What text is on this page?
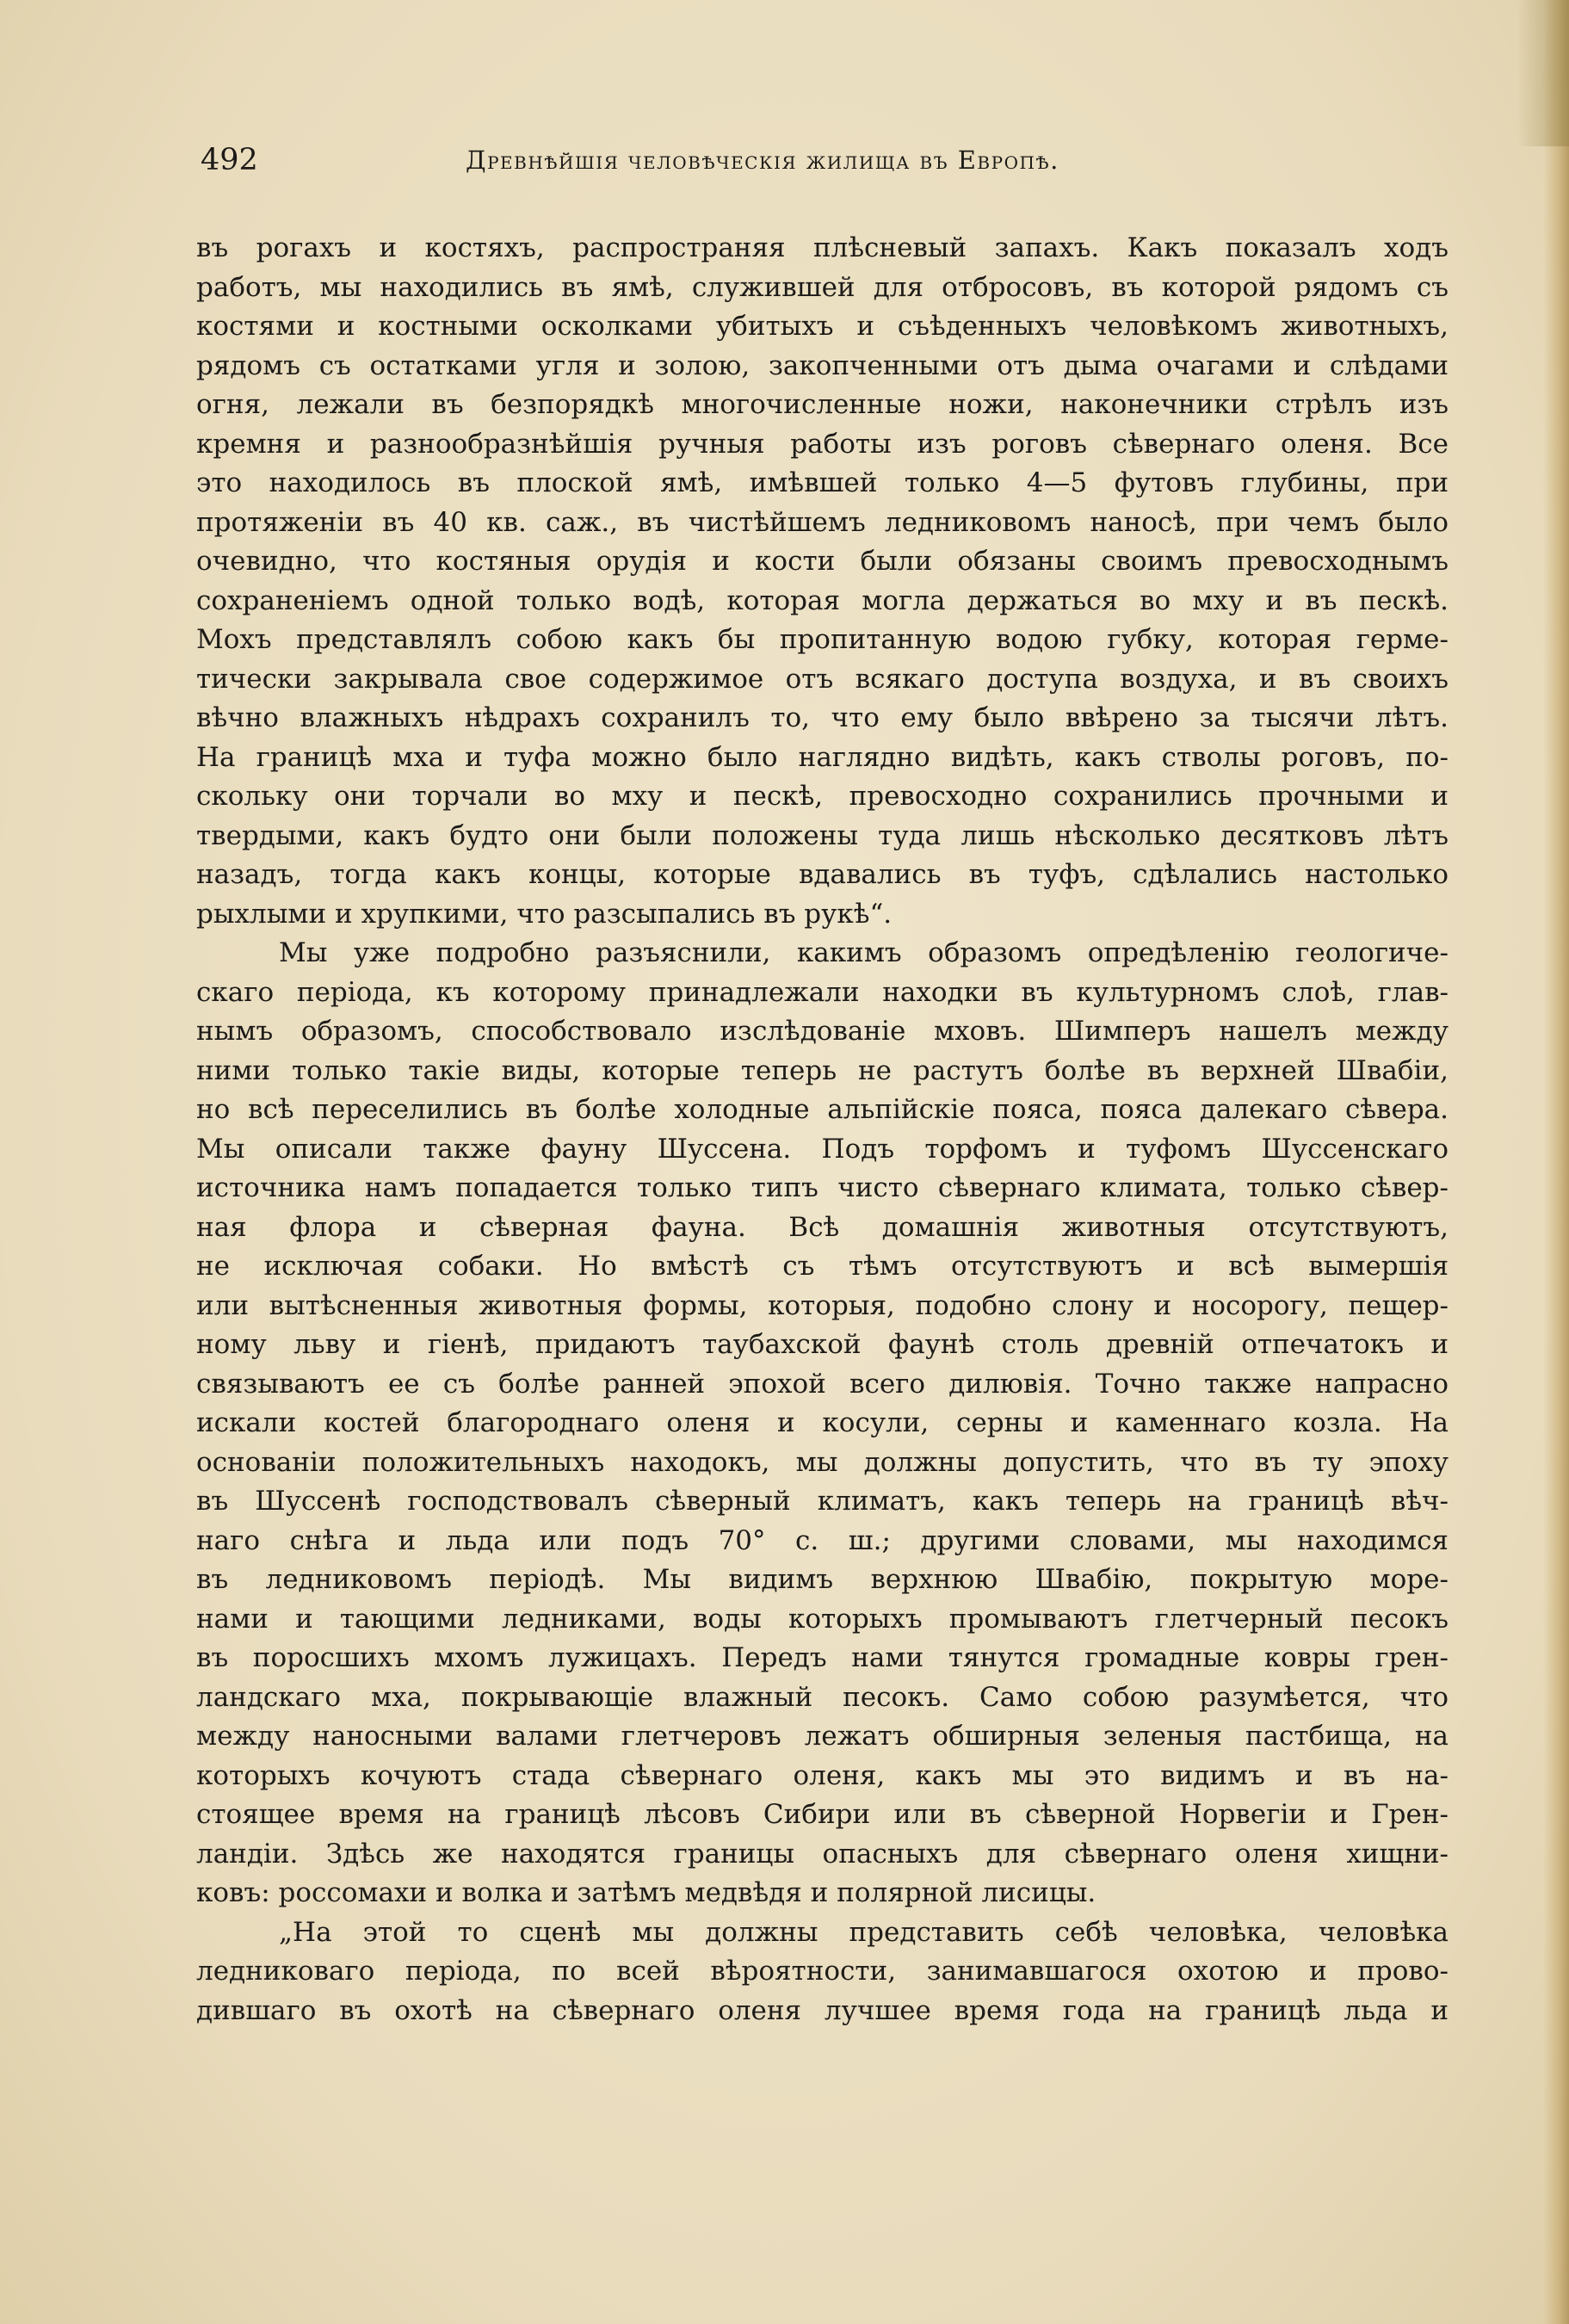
492	Древнѣйшія человѣческія жилища въ Европѣ.
въ рогахъ и костяхъ, распространяя плѣсневый запахъ. Какъ показалъ ходъ
работъ, мы находились въ ямѣ, служившей для отбросовъ, въ которой рядомъ съ
костями и костными осколками убитыхъ и съѣденныхъ человѣкомъ животныхъ,
рядомъ съ остатками угля и золою, закопченными отъ дыма очагами и слѣдами
огня, лежали въ безпорядкѣ многочисленные ножи, наконечники стрѣлъ изъ
кремня и разнообразнѣйшія ручныя работы изъ роговъ сѣвернаго оленя. Все
это находилось въ плоской ямѣ, имѣвшей только 4—5 футовъ глубины, при
протяженіи въ 40 кв. саж., въ чистѣйшемъ ледниковомъ наносѣ, при чемъ было
очевидно, что костяныя орудія и кости были обязаны своимъ превосходнымъ
сохраненіемъ одной только водѣ, которая могла держаться во мху и въ пескѣ.
Мохъ представлялъ собою какъ бы пропитанную водою губку, которая герме-
тически закрывала свое содержимое отъ всякаго доступа воздуха, и въ своихъ
вѣчно влажныхъ нѣдрахъ сохранилъ то, что ему было ввѣрено за тысячи лѣтъ.
На границѣ мха и туфа можно было наглядно видѣть, какъ стволы роговъ, по-
скольку они торчали во мху и пескѣ, превосходно сохранились прочными и
твердыми, какъ будто они были положены туда лишь нѣсколько десятковъ лѣтъ
назадъ, тогда какъ концы, которые вдавались въ туфъ, сдѣлались настолько
рыхлыми и хрупкими, что разсыпались въ рукѣ“.
Мы уже подробно разъяснили, какимъ образомъ опредѣленію геологиче-
скаго періода, къ которому принадлежали находки въ культурномъ слоѣ, глав-
нымъ образомъ, способствовало изслѣдованіе мховъ. Шимперъ нашелъ между
ними только такіе виды, которые теперь не растутъ болѣе въ верхней Швабіи,
но всѣ переселились въ болѣе холодные альпійскіе пояса, пояса далекаго сѣвера.
Мы описали также фауну Шуссена. Подъ торфомъ и туфомъ Шуссенскаго
источника намъ попадается только типъ чисто сѣвернаго климата, только сѣвер-
ная флора и сѣверная фауна. Всѣ домашнія животныя отсутствуютъ,
не исключая собаки. Но вмѣстѣ съ тѣмъ отсутствуютъ и всѣ вымершія
или вытѣсненныя животныя формы, которыя, подобно слону и носорогу, пещер-
ному льву и гіенѣ, придаютъ таубахской фаунѣ столь древній отпечатокъ и
связываютъ ее съ болѣе ранней эпохой всего дилювія. Точно также напрасно
искали костей благороднаго оленя и косули, серны и каменнаго козла. На
основаніи положительныхъ находокъ, мы должны допустить, что въ ту эпоху
въ Шуссенѣ господствовалъ сѣверный климатъ, какъ теперь на границѣ вѣч-
наго снѣга и льда или подъ 70° с. ш.; другими словами, мы находимся
въ ледниковомъ періодѣ. Мы видимъ верхнюю Швабію, покрытую море-
нами и тающими ледниками, воды которыхъ промываютъ глетчерный песокъ
въ поросшихъ мхомъ лужицахъ. Передъ нами тянутся громадные ковры грен-
ландскаго мха, покрывающіе влажный песокъ. Само собою разумѣется, что
между наносными валами глетчеровъ лежатъ обширныя зеленыя пастбища, на
которыхъ кочуютъ стада сѣвернаго оленя, какъ мы это видимъ и въ на-
стоящее время на границѣ лѣсовъ Сибири или въ сѣверной Норвегіи и Грен-
ландіи. Здѣсь же находятся границы опасныхъ для сѣвернаго оленя хищни-
ковъ: россомахи и волка и затѣмъ медвѣдя и полярной лисицы.
„На этой то сценѣ мы должны представить себѣ человѣка, человѣка
ледниковаго періода, по всей вѣроятности, занимавшагося охотою и прово-
дившаго въ охотѣ на сѣвернаго оленя лучшее время года на границѣ льда и
